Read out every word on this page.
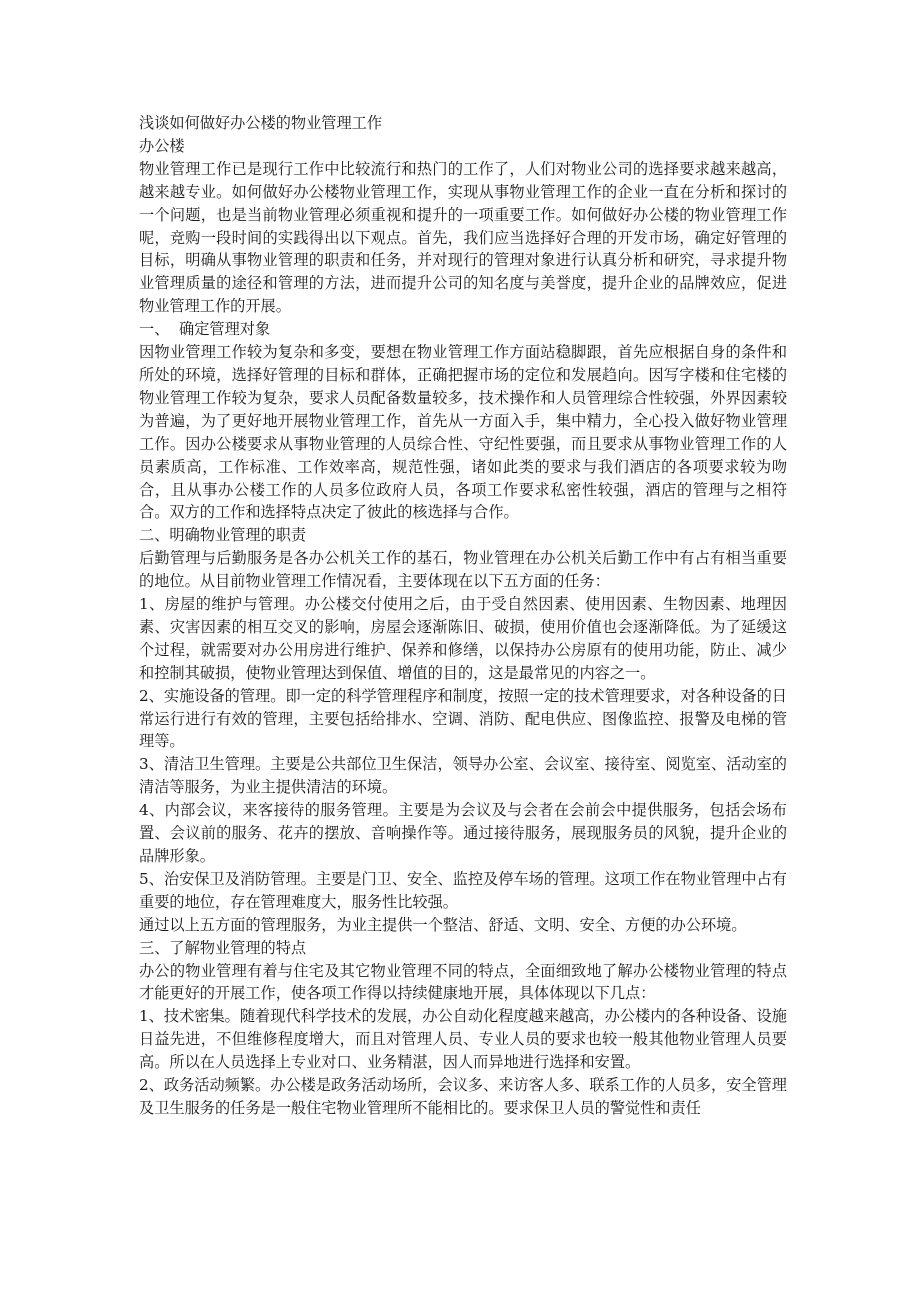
浅谈如何做好办公楼的物业管理工作

办公楼

物业管理工作已是现行工作中比较流行和热门的工作了，人们对物业公司的选择要求越来越高，越来越专业。如何做好办公楼物业管理工作，实现从事物业管理工作的企业一直在分析和探讨的一个问题，也是当前物业管理必须重视和提升的一项重要工作。如何做好办公楼的物业管理工作呢，竞购一段时间的实践得出以下观点。首先，我们应当选择好合理的开发市场，确定好管理的目标，明确从事物业管理的职责和任务，并对现行的管理对象进行认真分析和研究，寻求提升物业管理质量的途径和管理的方法，进而提升公司的知名度与美誉度，提升企业的品牌效应，促进物业管理工作的开展。

一、  确定管理对象

因物业管理工作较为复杂和多变，要想在物业管理工作方面站稳脚跟，首先应根据自身的条件和所处的环境，选择好管理的目标和群体，正确把握市场的定位和发展趋向。因写字楼和住宅楼的物业管理工作较为复杂，要求人员配备数量较多，技术操作和人员管理综合性较强，外界因素较为普遍，为了更好地开展物业管理工作，首先从一方面入手，集中精力，全心投入做好物业管理工作。因办公楼要求从事物业管理的人员综合性、守纪性要强，而且要求从事物业管理工作的人员素质高，工作标准、工作效率高，规范性强，诸如此类的要求与我们酒店的各项要求较为吻合，且从事办公楼工作的人员多位政府人员，各项工作要求私密性较强，酒店的管理与之相符合。双方的工作和选择特点决定了彼此的核选择与合作。

二、明确物业管理的职责

后勤管理与后勤服务是各办公机关工作的基石，物业管理在办公机关后勤工作中有占有相当重要的地位。从目前物业管理工作情况看，主要体现在以下五方面的任务：

1、房屋的维护与管理。办公楼交付使用之后，由于受自然因素、使用因素、生物因素、地理因素、灾害因素的相互交叉的影响，房屋会逐渐陈旧、破损，使用价值也会逐渐降低。为了延缓这个过程，就需要对办公用房进行维护、保养和修缮，以保持办公房原有的使用功能，防止、减少和控制其破损，使物业管理达到保值、增值的目的，这是最常见的内容之一。

2、实施设备的管理。即一定的科学管理程序和制度，按照一定的技术管理要求，对各种设备的日常运行进行有效的管理，主要包括给排水、空调、消防、配电供应、图像监控、报警及电梯的管理等。

3、清洁卫生管理。主要是公共部位卫生保洁，领导办公室、会议室、接待室、阅览室、活动室的清洁等服务，为业主提供清洁的环境。

4、内部会议，来客接待的服务管理。主要是为会议及与会者在会前会中提供服务，包括会场布置、会议前的服务、花卉的摆放、音响操作等。通过接待服务，展现服务员的风貌，提升企业的品牌形象。

5、治安保卫及消防管理。主要是门卫、安全、监控及停车场的管理。这项工作在物业管理中占有重要的地位，存在管理难度大，服务性比较强。

通过以上五方面的管理服务，为业主提供一个整洁、舒适、文明、安全、方便的办公环境。

三、了解物业管理的特点

办公的物业管理有着与住宅及其它物业管理不同的特点，全面细致地了解办公楼物业管理的特点才能更好的开展工作，使各项工作得以持续健康地开展，具体体现以下几点：

1、技术密集。随着现代科学技术的发展，办公自动化程度越来越高，办公楼内的各种设备、设施日益先进，不但维修程度增大，而且对管理人员、专业人员的要求也较一般其他物业管理人员要高。所以在人员选择上专业对口、业务精湛，因人而异地进行选择和安置。

2、政务活动频繁。办公楼是政务活动场所，会议多、来访客人多、联系工作的人员多，安全管理及卫生服务的任务是一般住宅物业管理所不能相比的。要求保卫人员的警觉性和责任
